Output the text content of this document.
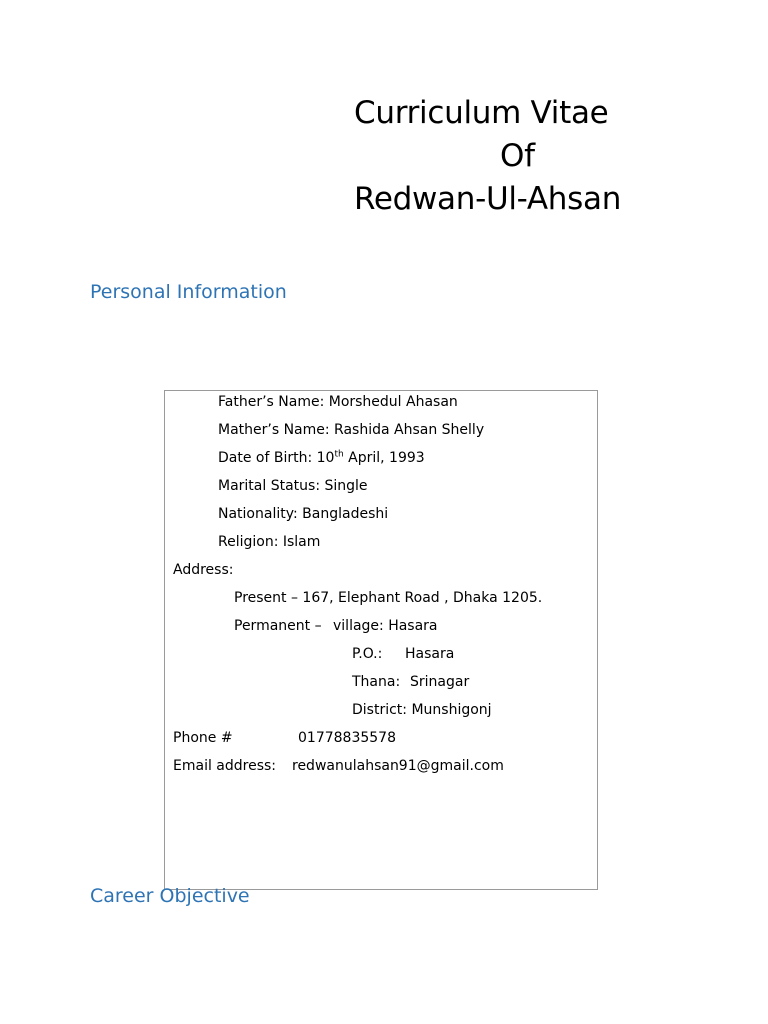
Curriculum Vitae
Of
Redwan-Ul-Ahsan
Personal Information
Father’s Name: Morshedul Ahasan
Mather’s Name: Rashida Ahsan Shelly
Date of Birth: 10th April, 1993
Marital Status: Single
Nationality: Bangladeshi
Religion: Islam
Address:
Present – 167, Elephant Road , Dhaka 1205.
Permanent – village: Hasara
P.O.: Hasara
Thana: Srinagar
District: Munshigonj
Phone #	01778835578
Email address: redwanulahsan91@gmail.com
Career Objective
